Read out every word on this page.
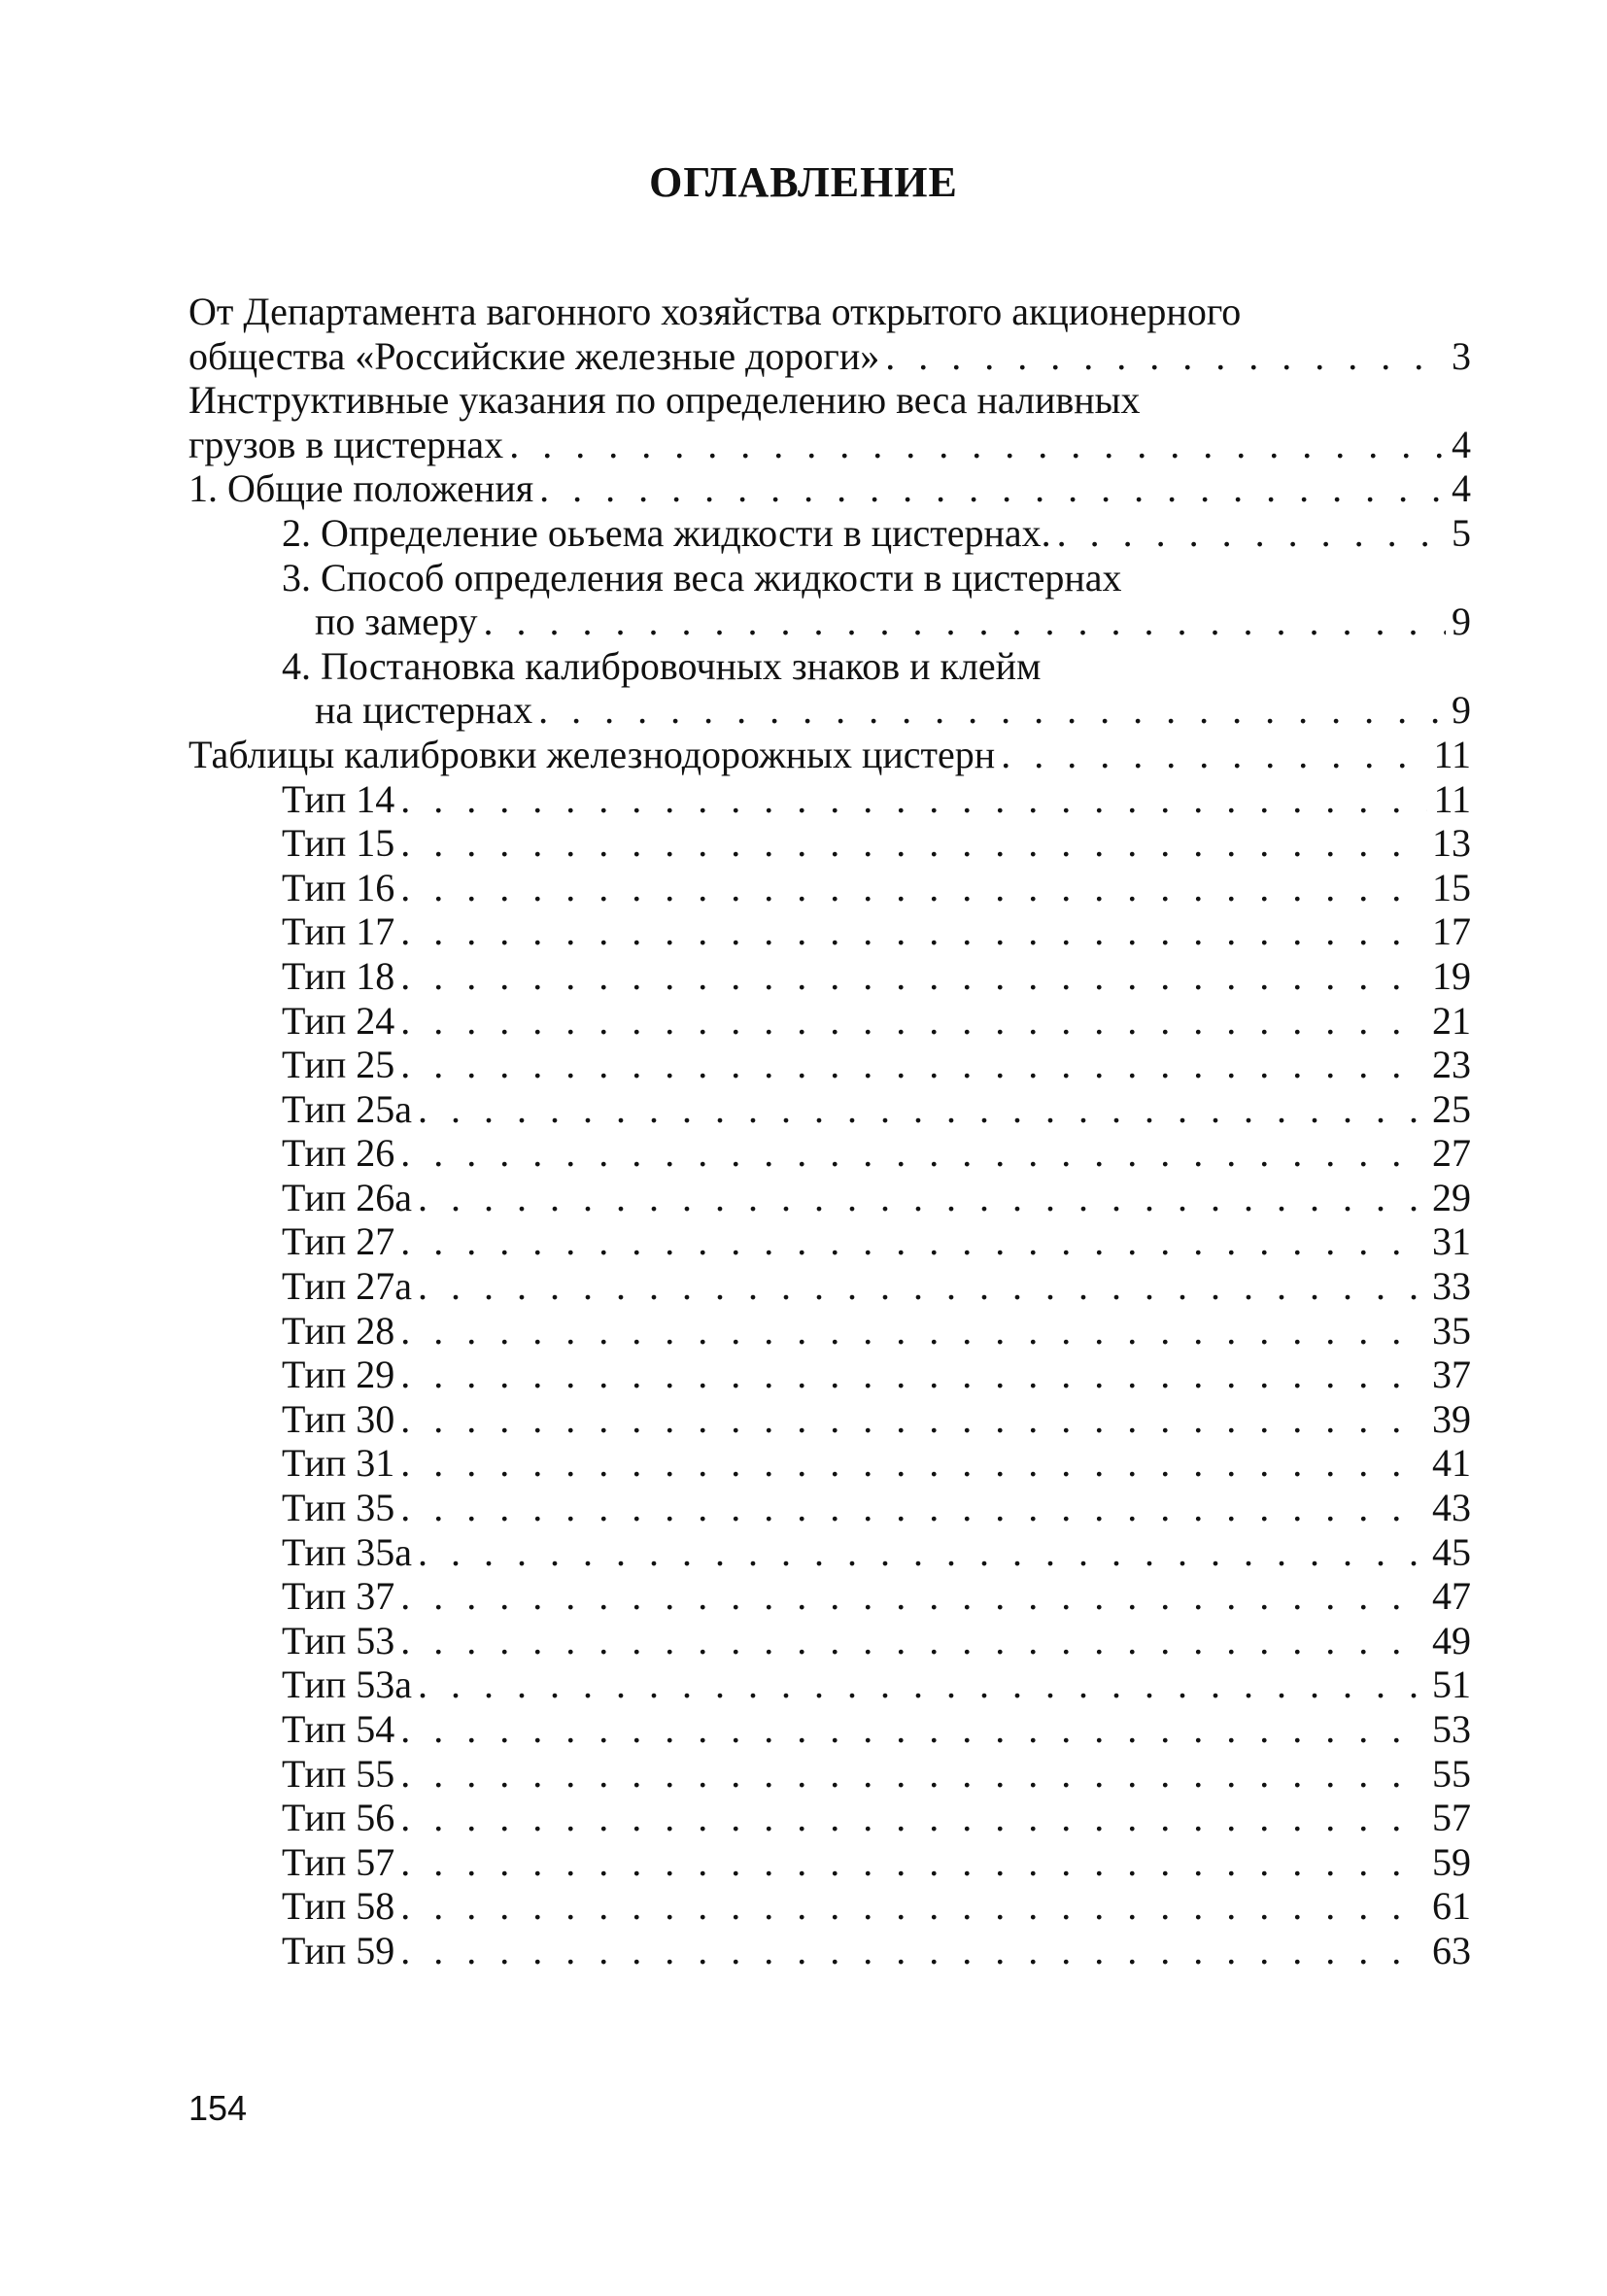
ОГЛАВЛЕНИЕ
От Департамента вагонного хозяйства открытого акционерного
общества «Российские железные дороги» . . .	3
Инструктивные указания по определению веса наливных
грузов в цистернах . . .	4
1. Общие положения . . .	4
2. Определение оьъема жидкости в цистернах. . . .	5
3. Способ определения веса жидкости в цистернах
по замеру . . .	9
4. Постановка калибровочных знаков и клейм
на цистернах . . .	9
Таблицы калибровки железнодорожных цистерн . . .	11
Тип 14 . . .	11
Тип 15 . . .	13
Тип 16 . . .	15
Тип 17 . . .	17
Тип 18 . . .	19
Тип 24 . . .	21
Тип 25 . . .	23
Тип 25а . . .	25
Тип 26 . . .	27
Тип 26а . . .	29
Тип 27 . . .	31
Тип 27а . . .	33
Тип 28 . . .	35
Тип 29 . . .	37
Тип 30 . . .	39
Тип 31 . . .	41
Тип 35 . . .	43
Тип 35а . . .	45
Тип 37 . . .	47
Тип 53 . . .	49
Тип 53а . . .	51
Тип 54 . . .	53
Тип 55 . . .	55
Тип 56 . . .	57
Тип 57 . . .	59
Тип 58 . . .	61
Тип 59 . . .	63
154
